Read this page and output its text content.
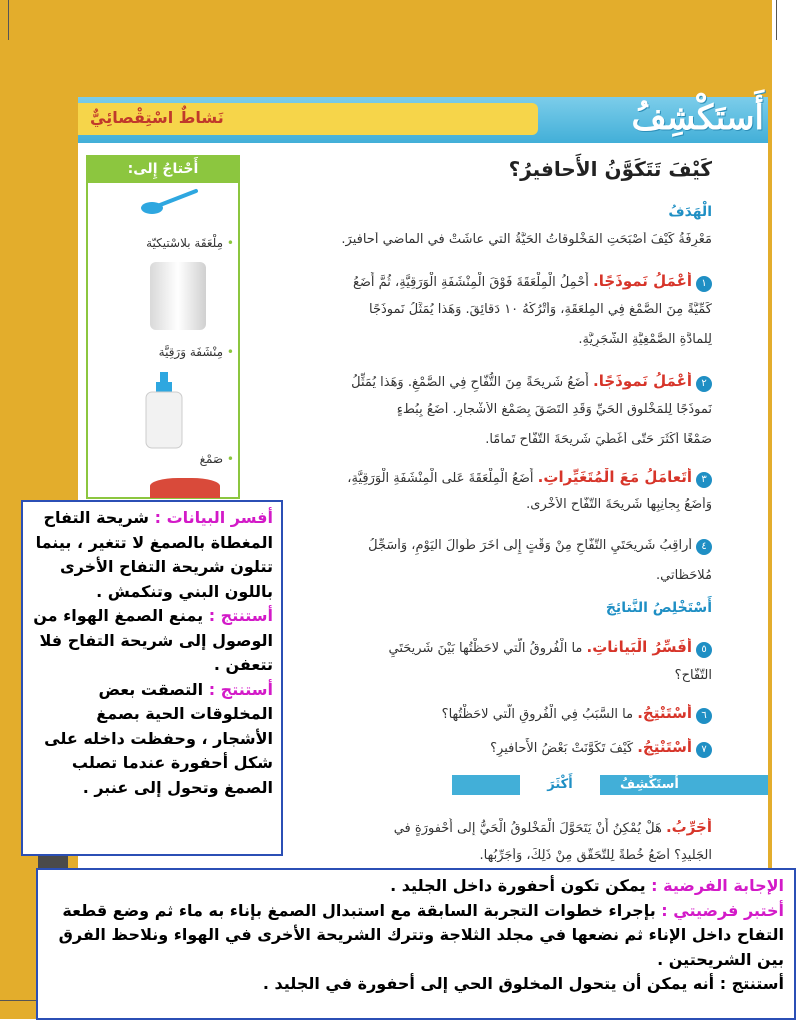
أَستَكْشِفُ
نَشاطٌ اسْتِقْصائِيٌّ
أَحْتاجُ إِلى:
• مِلْعَقَة بلاسْتيكيّة
• مِنْشَفَة وَرَقِيَّة
• صَمْغ
كَيْفَ تَتَكَوَّنُ الأَحافيرُ؟
الْهَدَفُ
مَعْرِفَةُ كَيْفَ أَصْبَحَتِ الْمَخْلوقاتُ الْحَيَّةُ الَّتي عاشَتْ في الْماضي أَحافيرَ.
١أَعْمَلُ نَموذَجًا. أَحْمِلُ الْمِلْعَقَةَ فَوْقَ الْمِنْشَفَةِ الْوَرَقِيَّةِ، ثُمَّ أَضَعُ
كَمِّيَّةً مِنَ الصَّمْغِ فِي الْمِلْعَقَةِ، وَأَتْرُكُهُ ١٠ دَقائِقَ. وَهَذا يُمَثِّلُ نَموذَجًا
لِلْمادَّةِ الصَّمْغِيَّةِ الشَّجَرِيَّةِ.
٢أَعْمَلُ نَموذَجًا. أَضَعُ شَريحَةً مِنَ التُّفّاحِ فِي الصَّمْغِ. وَهَذا يُمَثِّلُ
نَموذَجًا لِلْمَخْلوقِ الْحَيِّ وَقَدِ الْتَصَقَ بِصَمْغِ الأَشْجارِ. أَضَعُ بِبُطْءٍ
صَمْغًا أَكْثَرَ حَتّى أُغَطِّيَ شَريحَةَ التُّفّاحِ تَمامًا.
٣أَتَعامَلُ مَعَ الْمُتَغَيِّراتِ. أَضَعُ الْمِلْعَقَةَ عَلى الْمِنْشَفَةِ الْوَرَقِيَّةِ،
وَأَضَعُ بِجانِبِها شَريحَةَ التُّفّاحِ الأُخْرى.
٤أُراقِبُ شَريحَتَيِ التُّفّاحِ مِنْ وَقْتٍ إِلى آخَرَ طَوالَ الْيَوْمِ، وَأُسَجِّلُ
مُلاحَظاتي.
أَسْتَخْلِصُ النَّتائِجَ
٥أُفَسِّرُ الْبَياناتِ. ما الْفُروقُ الَّتي لاحَظْتُها بَيْنَ شَريحَتَيِ
التُّفّاحِ؟
٦أَسْتَنْتِجُ. ما السَّبَبُ فِي الْفُروقِ الَّتي لاحَظْتُها؟
٧أَسْتَنْتِجُ. كَيْفَ تَكَوَّنَتْ بَعْضُ الأَحافيرِ؟
أَكْثَرَ	أَستَكْشِفُ
أُجَرِّبُ. هَلْ يُمْكِنُ أَنْ يَتَحَوَّلَ الْمَخْلوقُ الْحَيُّ إِلى أُحْفورَةٍ في
الْجَليدِ؟ أَضَعُ خُطَّةً لِلتَّحَقُّقِ مِنْ ذَلِكَ، وَأُجَرِّبُها.
أفسر البيانات : شريحة التفاح المغطاة بالصمغ لا تتغير ، بينما تتلون شريحة التفاح الأخرى باللون البني وتنكمش .
أستنتج : يمنع الصمغ الهواء من الوصول إلى شريحة التفاح فلا تتعفن .
أستنتج : التصقت بعض المخلوقات الحية بصمغ الأشجار ، وحفظت داخله على شكل أحفورة عندما تصلب الصمغ وتحول إلى عنبر .
الإجابة الفرضية : يمكن تكون أحفورة داخل الجليد .
أختبر فرضيتي : بإجراء خطوات التجربة السابقة مع استبدال الصمغ بإناء به ماء ثم وضع قطعة التفاح داخل الإناء ثم نضعها في مجلد الثلاجة وتترك الشريحة الأخرى في الهواء ونلاحظ الفرق بين الشريحتين .
أستنتج : أنه يمكن أن يتحول المخلوق الحي إلى أحفورة في الجليد .
